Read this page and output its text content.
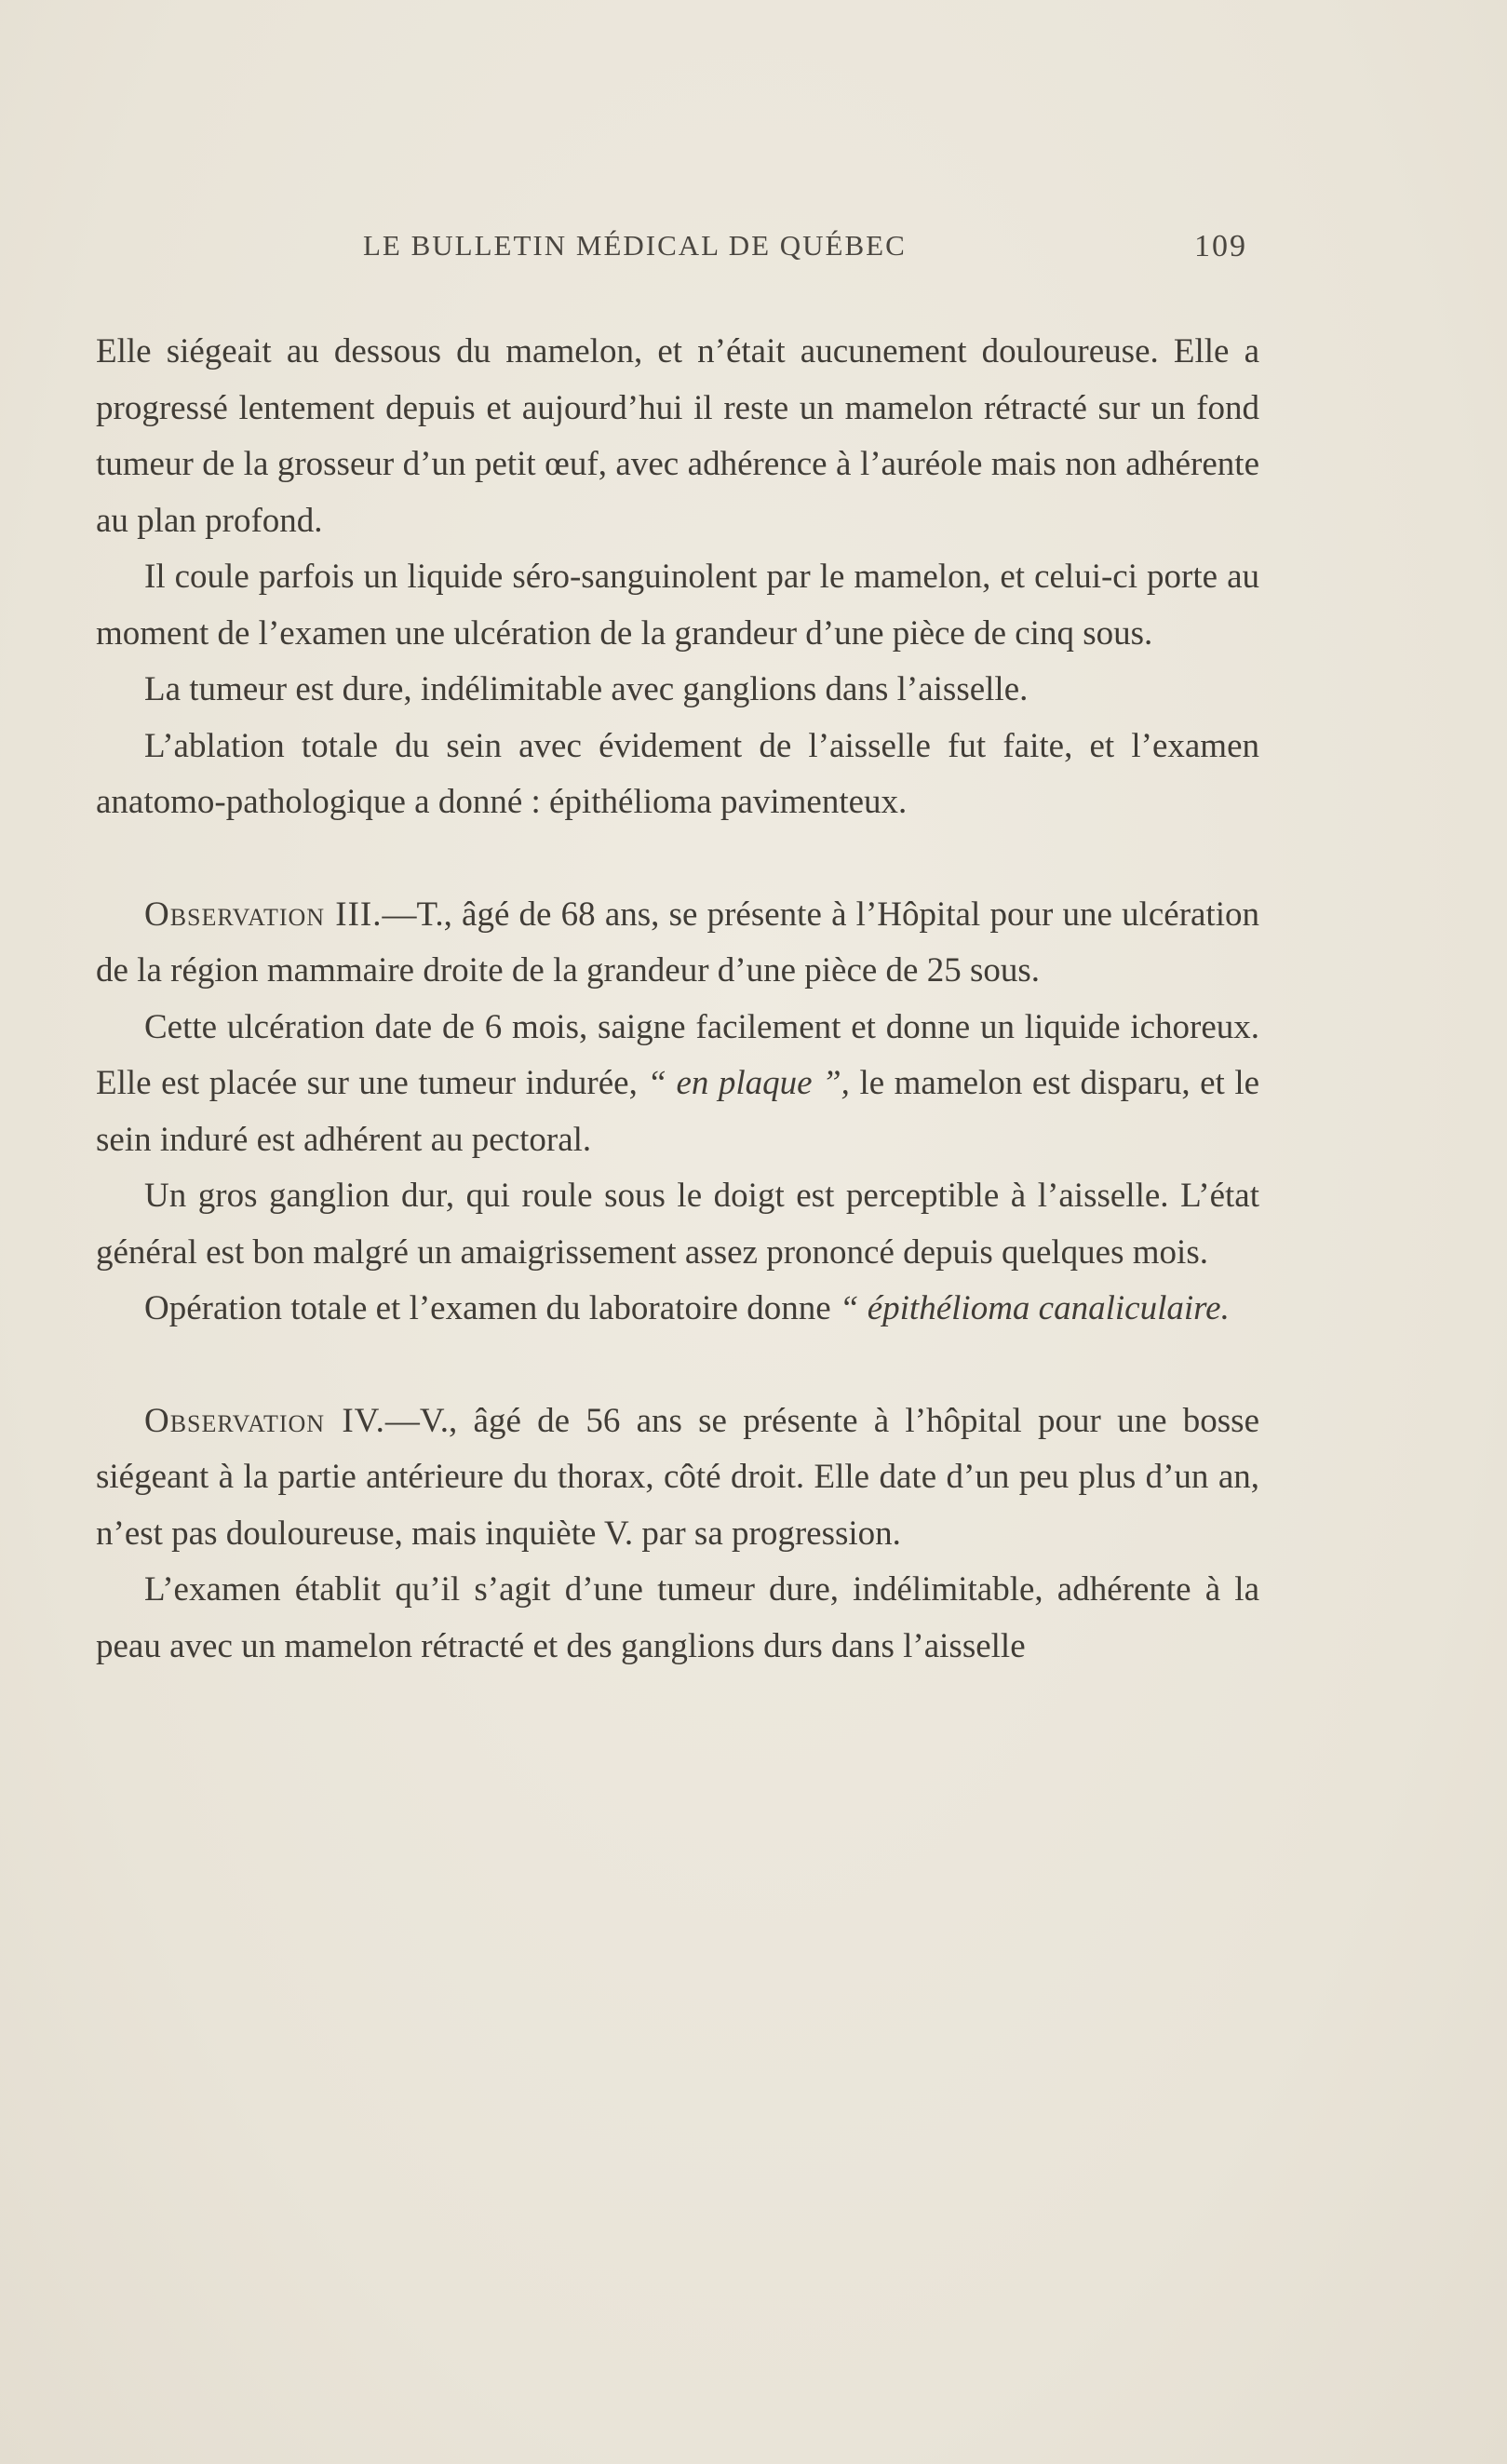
LE BULLETIN MÉDICAL DE QUÉBEC	109

Elle siégeait au dessous du mamelon, et n’était aucunement douloureuse. Elle a progressé lentement depuis et aujourd’hui il reste un mamelon rétracté sur un fond tumeur de la grosseur d’un petit œuf, avec adhérence à l’auréole mais non adhérente au plan profond.

Il coule parfois un liquide séro-sanguinolent par le mamelon, et celui-ci porte au moment de l’examen une ulcération de la grandeur d’une pièce de cinq sous.

La tumeur est dure, indélimitable avec ganglions dans l’aisselle.

L’ablation totale du sein avec évidement de l’aisselle fut faite, et l’examen anatomo-pathologique a donné : épithélioma pavimenteux.

Observation III.—T., âgé de 68 ans, se présente à l’Hôpital pour une ulcération de la région mammaire droite de la grandeur d’une pièce de 25 sous.

Cette ulcération date de 6 mois, saigne facilement et donne un liquide ichoreux. Elle est placée sur une tumeur indurée, “ en plaque ”, le mamelon est disparu, et le sein induré est adhérent au pectoral.

Un gros ganglion dur, qui roule sous le doigt est perceptible à l’aisselle. L’état général est bon malgré un amaigrissement assez prononcé depuis quelques mois.

Opération totale et l’examen du laboratoire donne “ épithélioma canaliculaire.

Observation IV.—V., âgé de 56 ans se présente à l’hôpital pour une bosse siégeant à la partie antérieure du thorax, côté droit. Elle date d’un peu plus d’un an, n’est pas douloureuse, mais inquiète V. par sa progression.

L’examen établit qu’il s’agit d’une tumeur dure, indélimitable, adhérente à la peau avec un mamelon rétracté et des ganglions durs dans l’aisselle
